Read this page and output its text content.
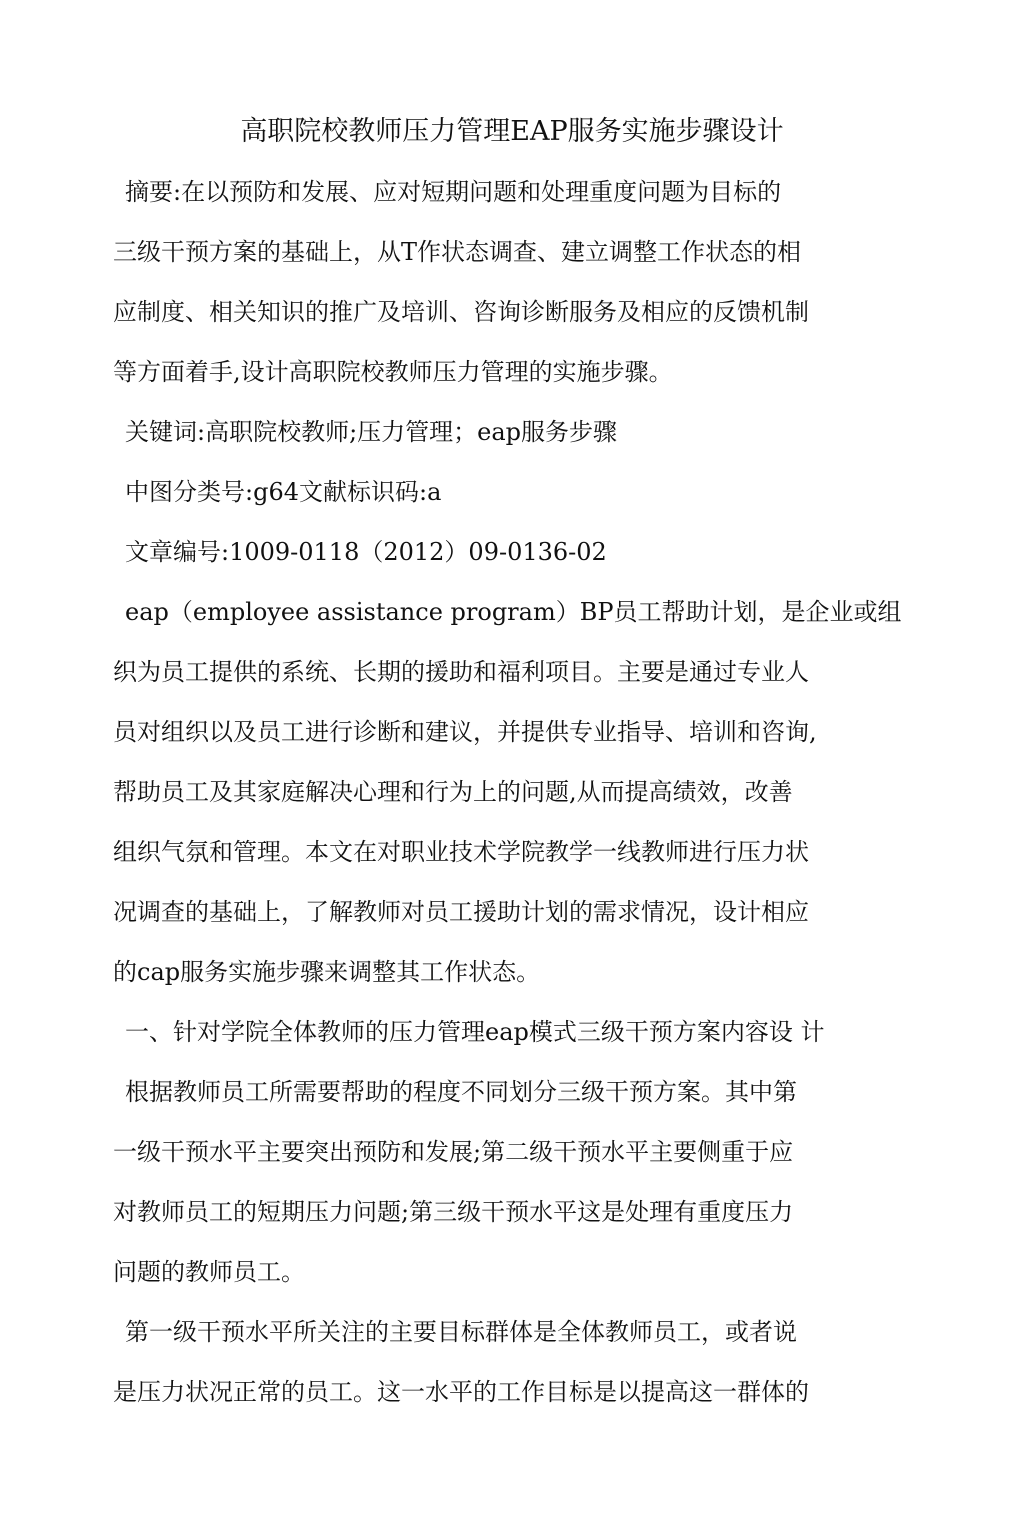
高职院校教师压力管理EAP服务实施步骤设计
摘要:在以预防和发展、应对短期问题和处理重度问题为目标的
三级干预方案的基础上，从T作状态调查、建立调整工作状态的相
应制度、相关知识的推广及培训、咨询诊断服务及相应的反馈机制
等方面着手,设计高职院校教师压力管理的实施步骤。
关键词:高职院校教师;压力管理；eap服务步骤
中图分类号:g64文献标识码:a
文章编号:1009-0118（2012）09-0136-02
eap（employee assistance program）BP员工帮助计划，是企业或组
织为员工提供的系统、长期的援助和福利项目。主要是通过专业人
员对组织以及员工进行诊断和建议，并提供专业指导、培训和咨询,
帮助员工及其家庭解决心理和行为上的问题,从而提高绩效，改善
组织气氛和管理。本文在对职业技术学院教学一线教师进行压力状
况调查的基础上，了解教师对员工援助计划的需求情况，设计相应
的cap服务实施步骤来调整其工作状态。
一、针对学院全体教师的压力管理eap模式三级干预方案内容设 计
根据教师员工所需要帮助的程度不同划分三级干预方案。其中第
一级干预水平主要突出预防和发展;第二级干预水平主要侧重于应
对教师员工的短期压力问题;第三级干预水平这是处理有重度压力
问题的教师员工。
第一级干预水平所关注的主要目标群体是全体教师员工，或者说
是压力状况正常的员工。这一水平的工作目标是以提高这一群体的
